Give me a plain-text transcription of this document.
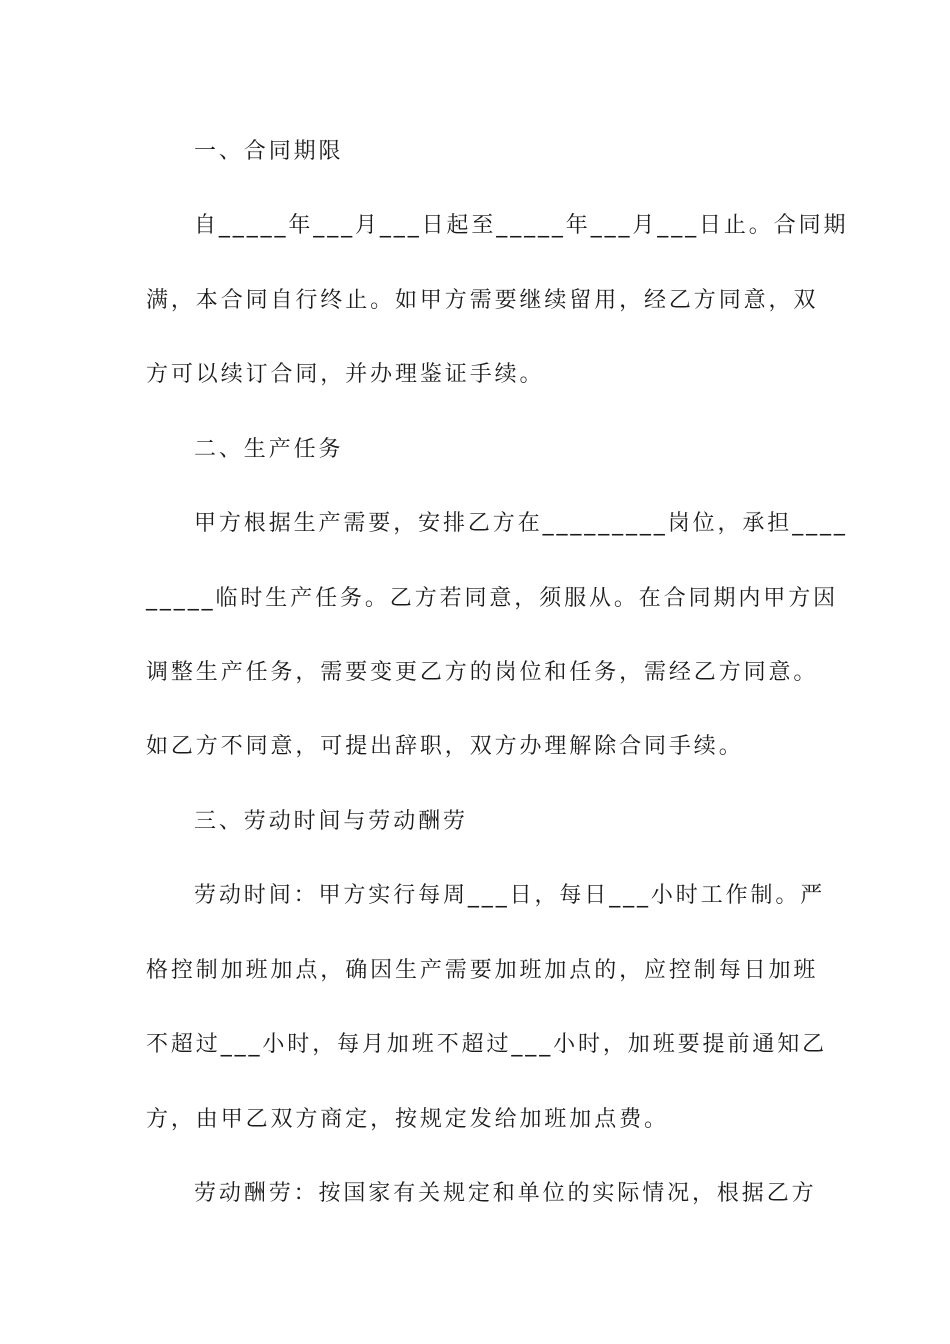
一、合同期限
自_____年___月___日起至_____年___月___日止。合同期
满，本合同自行终止。如甲方需要继续留用，经乙方同意，双
方可以续订合同，并办理鉴证手续。
二、生产任务
甲方根据生产需要，安排乙方在_________岗位，承担____
_____临时生产任务。乙方若同意，须服从。在合同期内甲方因
调整生产任务，需要变更乙方的岗位和任务，需经乙方同意。
如乙方不同意，可提出辞职，双方办理解除合同手续。
三、劳动时间与劳动酬劳
劳动时间：甲方实行每周___日，每日___小时工作制。严
格控制加班加点，确因生产需要加班加点的，应控制每日加班
不超过___小时，每月加班不超过___小时，加班要提前通知乙
方，由甲乙双方商定，按规定发给加班加点费。
劳动酬劳：按国家有关规定和单位的实际情况，根据乙方
